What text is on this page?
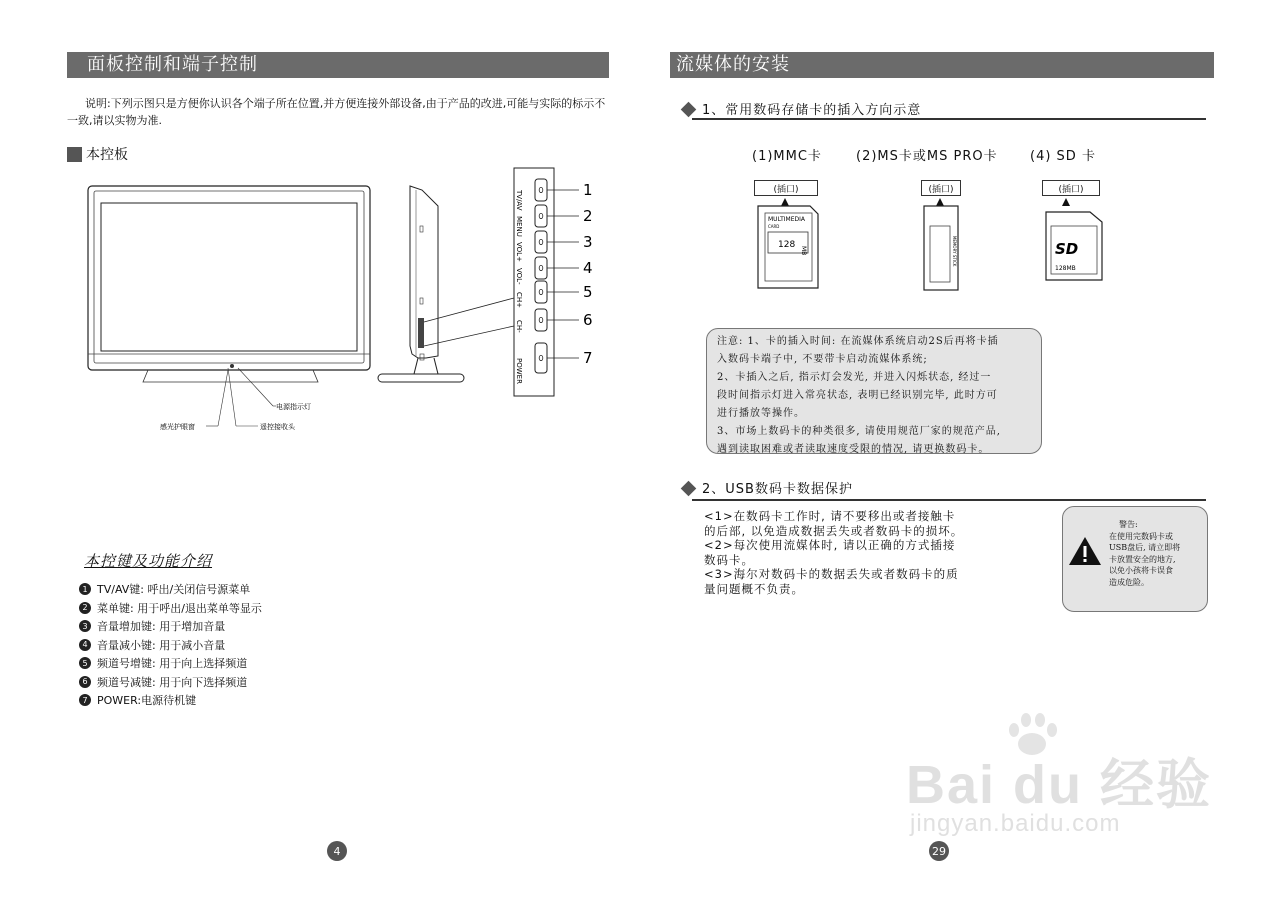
面板控制和端子控制
说明:下列示图只是方便你认识各个端子所在位置,并方便连接外部设备,由于产品的改进,可能与实际的标示不一致,请以实物为准.
本控板
电源指示灯
遥控接收头
感光护眼窗
TV/AV	1
MENU	2
VOL+	3
VOL-	4
CH+	5
CH-	6
POWER	7
本控键及功能介绍
1 TV/AV键: 呼出/关闭信号源菜单
2 菜单键: 用于呼出/退出菜单等显示
3 音量增加键: 用于增加音量
4 音量减小键: 用于减小音量
5 频道号增键: 用于向上选择频道
6 频道号减键: 用于向下选择频道
7 POWER:电源待机键
4
流媒体的安装
1、常用数码存储卡的插入方向示意
(1)MMC卡	(2)MS卡或MS PRO卡 (4) SD 卡
(插口)	(插口)	(插口)
MULTIMEDIA
CARD
128
MB	MEMORY STICK	SD
128MB
注意: 1、卡的插入时间: 在流媒体系统启动2S后再将卡插
入数码卡端子中, 不要带卡启动流媒体系统;
2、卡插入之后, 指示灯会发光, 并进入闪烁状态, 经过一
段时间指示灯进入常亮状态, 表明已经识别完毕, 此时方可
进行播放等操作。
3、市场上数码卡的种类很多, 请使用规范厂家的规范产品,
遇到读取困难或者读取速度受限的情况, 请更换数码卡。
2、USB数码卡数据保护
<1>在数码卡工作时, 请不要移出或者接触卡
的后部, 以免造成数据丢失或者数码卡的损坏。
<2>每次使用流媒体时, 请以正确的方式插接
数码卡。
<3>海尔对数码卡的数据丢失或者数码卡的质
量问题概不负责。
警告:
在使用完数码卡或
USB盘后, 请立即将
卡放置安全的地方,
以免小孩将卡误食
造成危险。
29
Bai du 经验
jingyan.baidu.com
